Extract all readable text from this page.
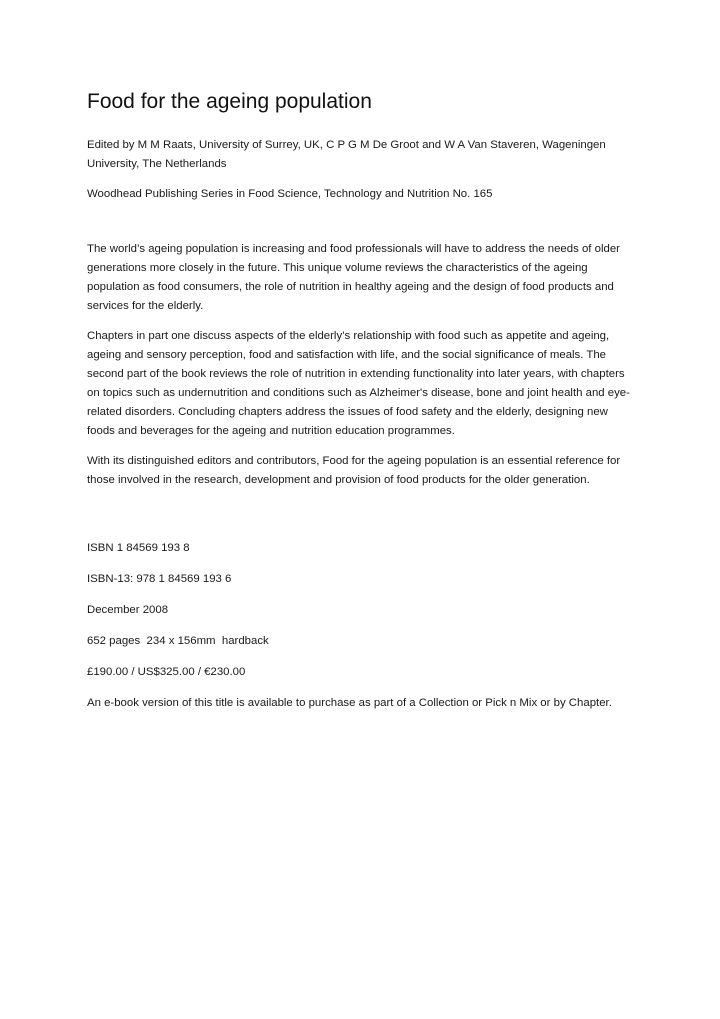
Food for the ageing population

Edited by M M Raats, University of Surrey, UK, C P G M De Groot and W A Van Staveren, Wageningen University, The Netherlands

Woodhead Publishing Series in Food Science, Technology and Nutrition No. 165

The world’s ageing population is increasing and food professionals will have to address the needs of older generations more closely in the future. This unique volume reviews the characteristics of the ageing population as food consumers, the role of nutrition in healthy ageing and the design of food products and services for the elderly.

Chapters in part one discuss aspects of the elderly’s relationship with food such as appetite and ageing, ageing and sensory perception, food and satisfaction with life, and the social significance of meals. The second part of the book reviews the role of nutrition in extending functionality into later years, with chapters on topics such as undernutrition and conditions such as Alzheimer's disease, bone and joint health and eye-related disorders. Concluding chapters address the issues of food safety and the elderly, designing new foods and beverages for the ageing and nutrition education programmes.

With its distinguished editors and contributors, Food for the ageing population is an essential reference for those involved in the research, development and provision of food products for the older generation.

ISBN 1 84569 193 8

ISBN-13: 978 1 84569 193 6

December 2008

652 pages  234 x 156mm  hardback

£190.00 / US$325.00 / €230.00

An e-book version of this title is available to purchase as part of a Collection or Pick n Mix or by Chapter.
